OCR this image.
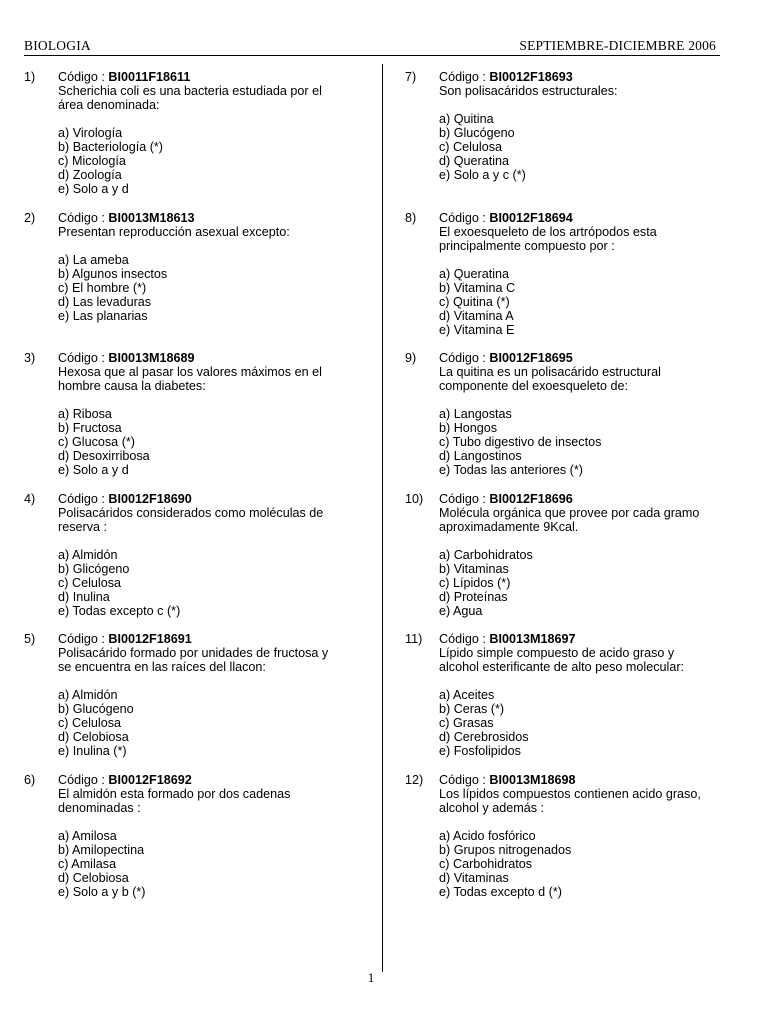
BIOLOGIA	SEPTIEMBRE-DICIEMBRE 2006
1)	Código : BI0011F18611
Scherichia coli es una bacteria estudiada por el
área denominada:
a) Virología
b) Bacteriología (*)
c) Micología
d) Zoología
e) Solo a y d
2)	Código : BI0013M18613
Presentan reproducción asexual excepto:
a) La ameba
b) Algunos insectos
c) El hombre (*)
d) Las levaduras
e) Las planarias
3)	Código : BI0013M18689
Hexosa que al pasar los valores máximos en el
hombre causa la diabetes:
a) Ribosa
b) Fructosa
c) Glucosa (*)
d) Desoxirribosa
e) Solo a y d
4)	Código : BI0012F18690
Polisacáridos considerados como moléculas de
reserva :
a) Almidón
b) Glicógeno
c) Celulosa
d) Inulina
e) Todas excepto c (*)
5)	Código : BI0012F18691
Polisacárido formado por unidades de fructosa y
se encuentra en las raíces del llacon:
a) Almidón
b) Glucógeno
c) Celulosa
d) Celobiosa
e) Inulina (*)
6)	Código : BI0012F18692
El almidón esta formado por dos cadenas
denominadas :
a) Amilosa
b) Amilopectina
c) Amilasa
d) Celobiosa
e) Solo a y b (*)
7)	Código : BI0012F18693
Son polisacáridos estructurales:
a) Quitina
b) Glucógeno
c) Celulosa
d) Queratina
e) Solo a y c (*)
8)	Código : BI0012F18694
El exoesqueleto de los artrópodos esta
principalmente compuesto por :
a) Queratina
b) Vitamina C
c) Quitina (*)
d) Vitamina A
e) Vitamina E
9)	Código : BI0012F18695
La quitina es un polisacárido estructural
componente del exoesqueleto de:
a) Langostas
b) Hongos
c) Tubo digestivo de insectos
d) Langostinos
e) Todas las anteriores (*)
10)	Código : BI0012F18696
Molécula orgánica que provee por cada gramo
aproximadamente 9Kcal.
a) Carbohidratos
b) Vitaminas
c) Lípidos (*)
d) Proteínas
e) Agua
11)	Código : BI0013M18697
Lípido simple compuesto de acido graso y
alcohol esterificante de alto peso molecular:
a) Aceites
b) Ceras (*)
c) Grasas
d) Cerebrosidos
e) Fosfolipidos
12)	Código : BI0013M18698
Los lípidos compuestos contienen acido graso,
alcohol y además :
a) Acido fosfórico
b) Grupos nitrogenados
c) Carbohidratos
d) Vitaminas
e) Todas excepto d (*)
1
